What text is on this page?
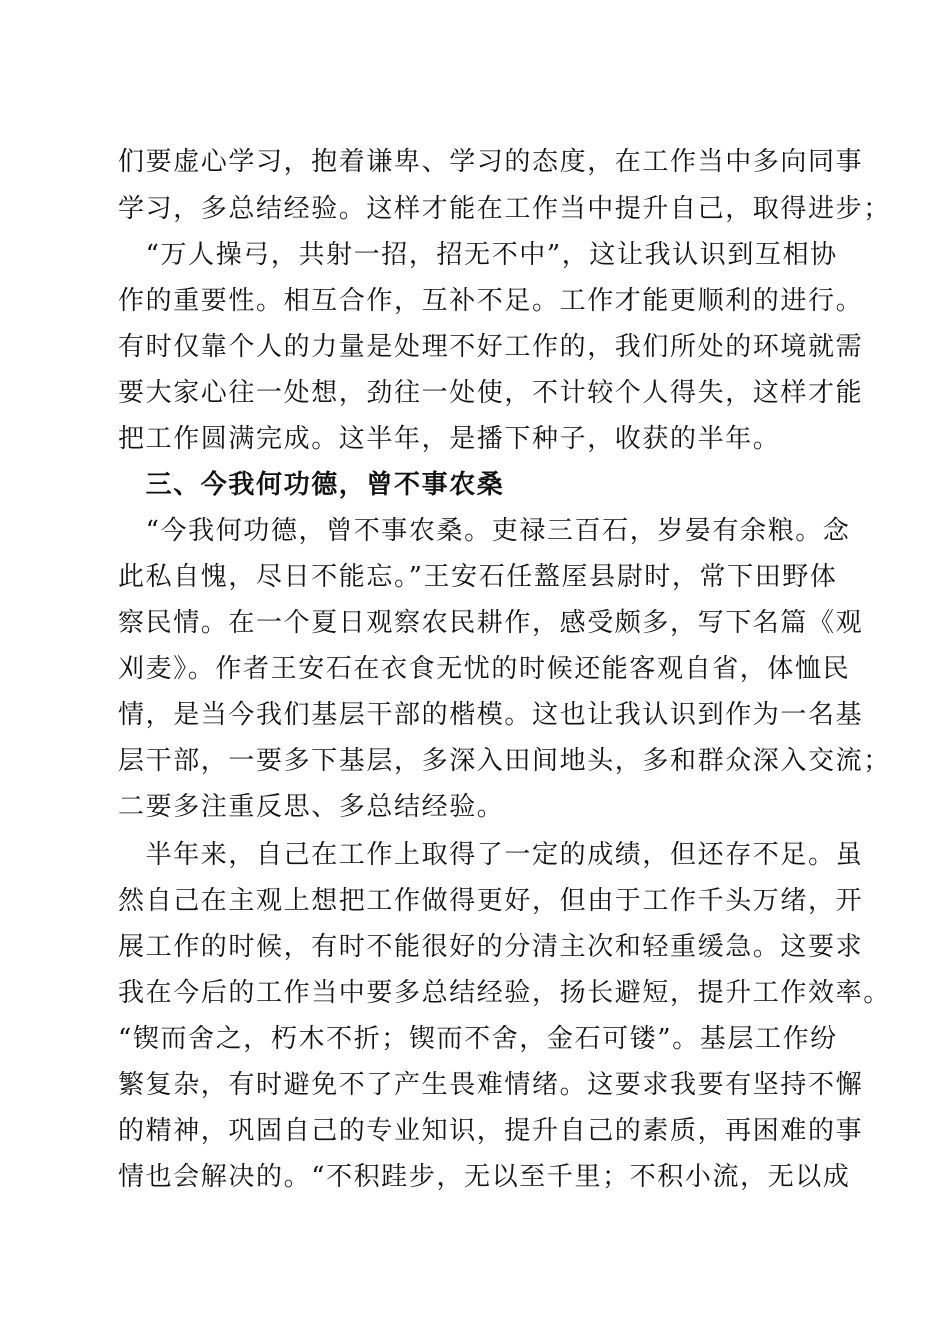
们要虚心学习，抱着谦卑、学习的态度，在工作当中多向同事
学习，多总结经验。这样才能在工作当中提升自己，取得进步；
　“万人操弓，共射一招，招无不中”，这让我认识到互相协
作的重要性。相互合作，互补不足。工作才能更顺利的进行。
有时仅靠个人的力量是处理不好工作的，我们所处的环境就需
要大家心往一处想，劲往一处使，不计较个人得失，这样才能
把工作圆满完成。这半年，是播下种子，收获的半年。
　三、今我何功德，曾不事农桑
　“今我何功德，曾不事农桑。吏禄三百石，岁晏有余粮。念
此私自愧，尽日不能忘。”王安石任盩厔县尉时，常下田野体
察民情。在一个夏日观察农民耕作，感受颇多，写下名篇《观
刈麦》。作者王安石在衣食无忧的时候还能客观自省，体恤民
情，是当今我们基层干部的楷模。这也让我认识到作为一名基
层干部，一要多下基层，多深入田间地头，多和群众深入交流；
二要多注重反思、多总结经验。
　半年来，自己在工作上取得了一定的成绩，但还存不足。虽
然自己在主观上想把工作做得更好，但由于工作千头万绪，开
展工作的时候，有时不能很好的分清主次和轻重缓急。这要求
我在今后的工作当中要多总结经验，扬长避短，提升工作效率。
“锲而舍之，朽木不折；锲而不舍，金石可镂”。基层工作纷
繁复杂，有时避免不了产生畏难情绪。这要求我要有坚持不懈
的精神，巩固自己的专业知识，提升自己的素质，再困难的事
情也会解决的。“不积跬步，无以至千里；不积小流，无以成
